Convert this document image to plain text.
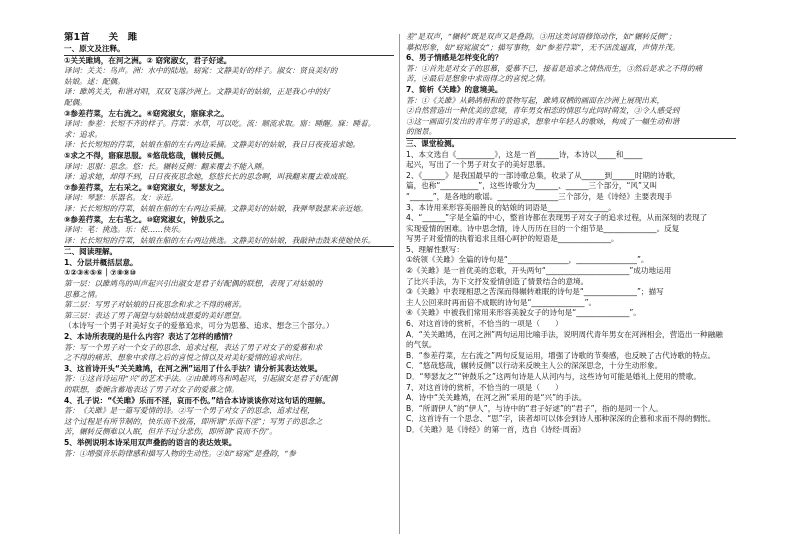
第1首　　关　雎
一、原文及注释。
①关关雎鸠，在河之洲。② 窈窕淑女，君子好逑。
译词：关关：鸟声。洲：水中的陆地。窈窕：文静美好的样子。淑女：贤良美好的
姑娘。逑：配偶。　　　　　　　　　　　　　　　　　　　　　　　　　　　　　　　　　
译：雎鸠关关，和谐对唱，双双飞落沙洲上。文静美好的姑娘，正是我心中的好
配偶。
③参差荇菜，左右流之。④窈窕淑女，寤寐求之。
译词：参差：长短不齐的样子。荇菜：水草，可以吃。流：顺流求取。寤：睡醒。寐：睡着。
求：追求。
译：长长短短的荇菜，姑娘在船的左右两边采摘。文静美好的姑娘，我日日夜夜追求她。
⑤求之不得，寤寐思服。⑥悠哉悠哉，辗转反侧。
译词：思服：思念。悠：长。辗转反侧：翻来覆去不能入睡。
译：追求她，却得不到，日日夜夜思念她，悠悠长长的思念啊，叫我翻来覆去难成眠。
⑦参差荇菜，左右采之。⑧窈窕淑女，琴瑟友之。
译词：琴瑟：乐器名。友：亲近。
译：长长短短的荇菜，姑娘在船的左右两边采摘。文静美好的姑娘，我弹琴鼓瑟来亲近她。
⑨参差荇菜，左右芼之。⑩窈窕淑女，钟鼓乐之。
译词：芼：挑选。乐：使……快乐。
译：长长短短的荇菜，姑娘在船的左右两边挑选。文静美好的姑娘，我敲钟击鼓来使她快乐。
二、阅读理解。
1、分层并概括层意。
①②③④⑤⑥｜⑦⑧⑨⑩
第一层：以雎鸠鸟的叫声起兴引出淑女是君子好配偶的联想，表现了对姑娘的
思慕之情。
第二层：写男子对姑娘的日夜思念和求之不得的痛苦。
第三层：表达了男子渴望与姑娘结成恩爱的美好愿望。
（本诗写一个男子对美好女子的爱慕追求，可分为思慕、追求、想念三个部分。）
2、本诗所表现的是什么内容？表达了怎样的感情？
答：写一个男子对一个女子的思念、追求过程，表达了男子对女子的爱慕和求
之不得的痛苦、想象中求得之后的喜悦之情以及对美好爱情的追求向往。
3、这首诗开头“关关雎鸠，在河之洲”运用了什么手法？请分析其表达效果。
答：①这首诗运用“兴”的艺术手法。②由雎鸠鸟和鸣起兴，引起淑女是君子好配偶
的联想，委婉含蓄地表达了男子对女子的爱慕之情。
4、孔子说：“《关雎》乐而不淫，哀而不伤。”结合本诗谈谈你对这句话的理解。
答：《关雎》是一篇写爱情的诗。②写一个男子对女子的思念、追求过程，
这个过程是有所节制的，快乐而不放荡，即所谓“乐而不淫”；写男子的思念之
苦，辗转反侧难以入眠，但并不过分悲伤，即所谓“哀而不伤”。
5、举例说明本诗采用双声叠韵的语言的表达效果。
答：①增强音乐韵律感和描写人物的生动性。②如“窈窕”是叠韵，“参
差”是双声，“辗转”既是双声又是叠韵。③用这类词语修饰动作，如“辗转反侧”；
摹拟形象，如“窈窕淑女”；描写事物，如“参差荇菜”，无不活泼逼真，声情并茂。
6、男子情感是怎样变化的？
答：①首先是对女子的思慕，爱慕不已，接着是追求之情热而生，③然后是求之不得的痛
苦，④最后是想象中求而得之的喜悦之情。
7、简析《关雎》的意境美。
答：①《关雎》从鹤鸪相和的景物写起，雎鸠双栖的画面在沙洲上展现出来，
②自然营造出一种优美的意境，青年男女相恋的情思与此同时萌发，③令人感受到
③这一画面引发出的青年男子的追求，想象中年轻人的歌咏，构成了一幅生动和谐
的图景。
三、课堂检测。
1、本文选自《__________》，这是一首______诗，本诗以_____和_____
起兴，写出了一个男子对女子的美好思慕。
2、《______》是我国最早的一部诗歌总集，收录了从______到______时期的诗歌，
篇，也称“__________”，这些诗歌分为______、______三个部分，“风”又叫
“______”，是各地的歌谣。________________三个部分，是《诗经》主要表现手
3、本诗用来形容美丽善良的姑娘的词语是________________。
4、“______”字是全篇的中心，整首诗都在表现男子对女子的追求过程，从而深刻的表现了
实现爱情的困难。诗中思念情，诗人历历在目的一个细节是______________。反复
写男子对爱情的执着追求且细心呵护的短语是______________。
5、理解性默写：
①统领《关雎》全篇的诗句是“________________，________________”。
②《关雎》是一首优美的恋歌，开头两句“______________________”成功地运用
了比兴手法，为下文抒发爱情创造了情景结合的意境。
③《关雎》中表现相思之苦深而得辗转难眠的诗句是“______________”；描写
主人公回来时再而倍不成眠的诗句是“______________”。
④《关雎》中被我们常用来形容美貌女子的诗句是“______________”。
6、对这首诗的赏析，不恰当的一项是（　　）
A．“关关雎鸠，在河之洲”两句运用比喻手法，说明周代青年男女在河洲相会，营造出一种融融
的气氛。
B．“参差荇菜，左右流之”两句反复运用，增强了诗歌的节奏感，也反映了古代诗歌的特点。
C．“悠哉悠哉，辗转反侧”以行动来反映主人公的深深思念，十分生动形象。
D．“琴瑟友之”“钟鼓乐之”这两句诗是人从河内与，这些诗句可能是婚礼上使用的赞歌。
7、对这首诗的赏析，不恰当的一项是（　　）
A．诗中“关关雎鸠，在河之洲”采用的是“兴”的手法。
B．“所谓伊人”的“伊人”，与诗中的“君子好逑”的“君子”，指的是同一个人。
C．这首诗有一个思念、“思”字，读者却可以体会到诗人那种深深的企慕和求而不得的惆怅。
D．《关雎》是《诗经》的第一首，选自《诗经·周南》
